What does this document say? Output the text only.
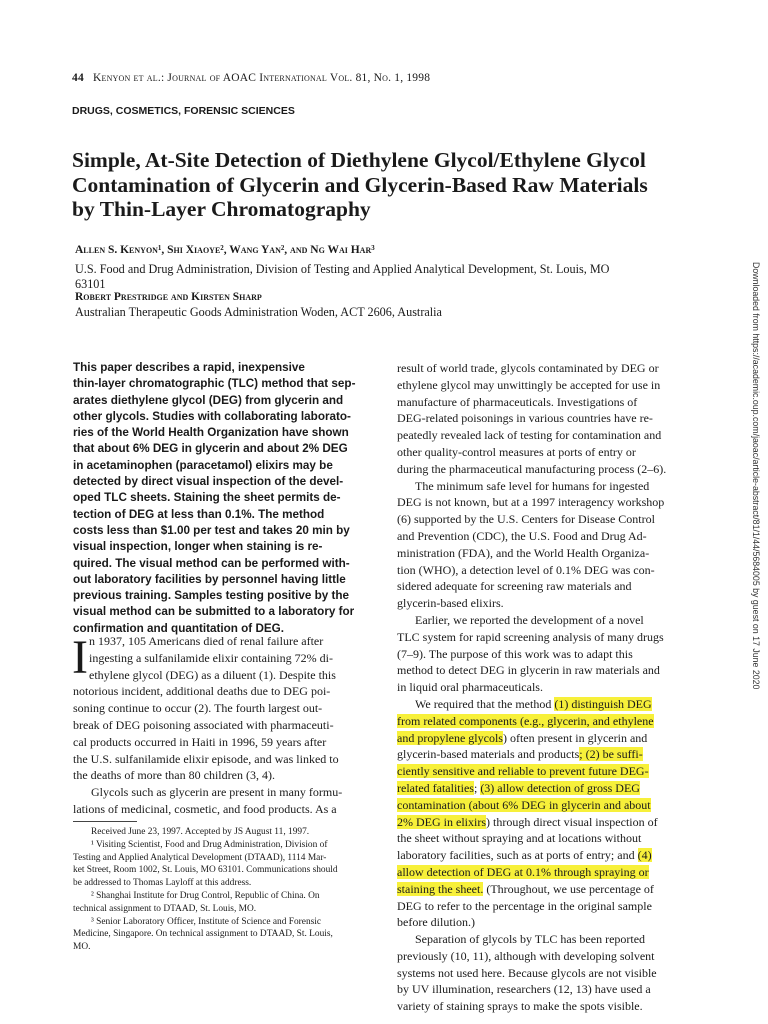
44 Kenyon et al.: Journal of AOAC International Vol. 81, No. 1, 1998
DRUGS, COSMETICS, FORENSIC SCIENCES
Simple, At-Site Detection of Diethylene Glycol/Ethylene Glycol
Contamination of Glycerin and Glycerin-Based Raw Materials
by Thin-Layer Chromatography
Allen S. Kenyon¹, Shi Xiaoye², Wang Yan², and Ng Wai Har³
U.S. Food and Drug Administration, Division of Testing and Applied Analytical Development, St. Louis, MO
63101
Robert Prestridge and Kirsten Sharp
Australian Therapeutic Goods Administration Woden, ACT 2606, Australia	Downloaded from https://academic.oup.com/jaoac/article-abstract/81/1/44/5684005 by guest on 17 June 2020
This paper describes a rapid, inexpensive
thin-layer chromatographic (TLC) method that sep-
arates diethylene glycol (DEG) from glycerin and
other glycols. Studies with collaborating laborato-
ries of the World Health Organization have shown
that about 6% DEG in glycerin and about 2% DEG
in acetaminophen (paracetamol) elixirs may be
detected by direct visual inspection of the devel-
oped TLC sheets. Staining the sheet permits de-
tection of DEG at less than 0.1%. The method
costs less than $1.00 per test and takes 20 min by
visual inspection, longer when staining is re-
quired. The visual method can be performed with-
out laboratory facilities by personnel having little
previous training. Samples testing positive by the
visual method can be submitted to a laboratory for
confirmation and quantitation of DEG.
I n 1937, 105 Americans died of renal failure after
ingesting a sulfanilamide elixir containing 72% di-
ethylene glycol (DEG) as a diluent (1). Despite this
notorious incident, additional deaths due to DEG poi-
soning continue to occur (2). The fourth largest out-
break of DEG poisoning associated with pharmaceuti-
cal products occurred in Haiti in 1996, 59 years after
the U.S. sulfanilamide elixir episode, and was linked to
the deaths of more than 80 children (3, 4).
Glycols such as glycerin are present in many formu-
lations of medicinal, cosmetic, and food products. As a
Received June 23, 1997. Accepted by JS August 11, 1997.
¹ Visiting Scientist, Food and Drug Administration, Division of
Testing and Applied Analytical Development (DTAAD), 1114 Mar-
ket Street, Room 1002, St. Louis, MO 63101. Communications should
be addressed to Thomas Layloff at this address.
² Shanghai Institute for Drug Control, Republic of China. On
technical assignment to DTAAD, St. Louis, MO.
³ Senior Laboratory Officer, Institute of Science and Forensic
Medicine, Singapore. On technical assignment to DTAAD, St. Louis,
MO.
result of world trade, glycols contaminated by DEG or
ethylene glycol may unwittingly be accepted for use in
manufacture of pharmaceuticals. Investigations of
DEG-related poisonings in various countries have re-
peatedly revealed lack of testing for contamination and
other quality-control measures at ports of entry or
during the pharmaceutical manufacturing process (2–6).
The minimum safe level for humans for ingested
DEG is not known, but at a 1997 interagency workshop
(6) supported by the U.S. Centers for Disease Control
and Prevention (CDC), the U.S. Food and Drug Ad-
ministration (FDA), and the World Health Organiza-
tion (WHO), a detection level of 0.1% DEG was con-
sidered adequate for screening raw materials and
glycerin-based elixirs.
Earlier, we reported the development of a novel
TLC system for rapid screening analysis of many drugs
(7–9). The purpose of this work was to adapt this
method to detect DEG in glycerin in raw materials and
in liquid oral pharmaceuticals.
We required that the method (1) distinguish DEG
from related components (e.g., glycerin, and ethylene
and propylene glycols) often present in glycerin and
glycerin-based materials and products; (2) be suffi-
ciently sensitive and reliable to prevent future DEG-
related fatalities; (3) allow detection of gross DEG
contamination (about 6% DEG in glycerin and about
2% DEG in elixirs) through direct visual inspection of
the sheet without spraying and at locations without
laboratory facilities, such as at ports of entry; and (4)
allow detection of DEG at 0.1% through spraying or
staining the sheet. (Throughout, we use percentage of
DEG to refer to the percentage in the original sample
before dilution.)
Separation of glycols by TLC has been reported
previously (10, 11), although with developing solvent
systems not used here. Because glycols are not visible
by UV illumination, researchers (12, 13) have used a
variety of staining sprays to make the spots visible.
